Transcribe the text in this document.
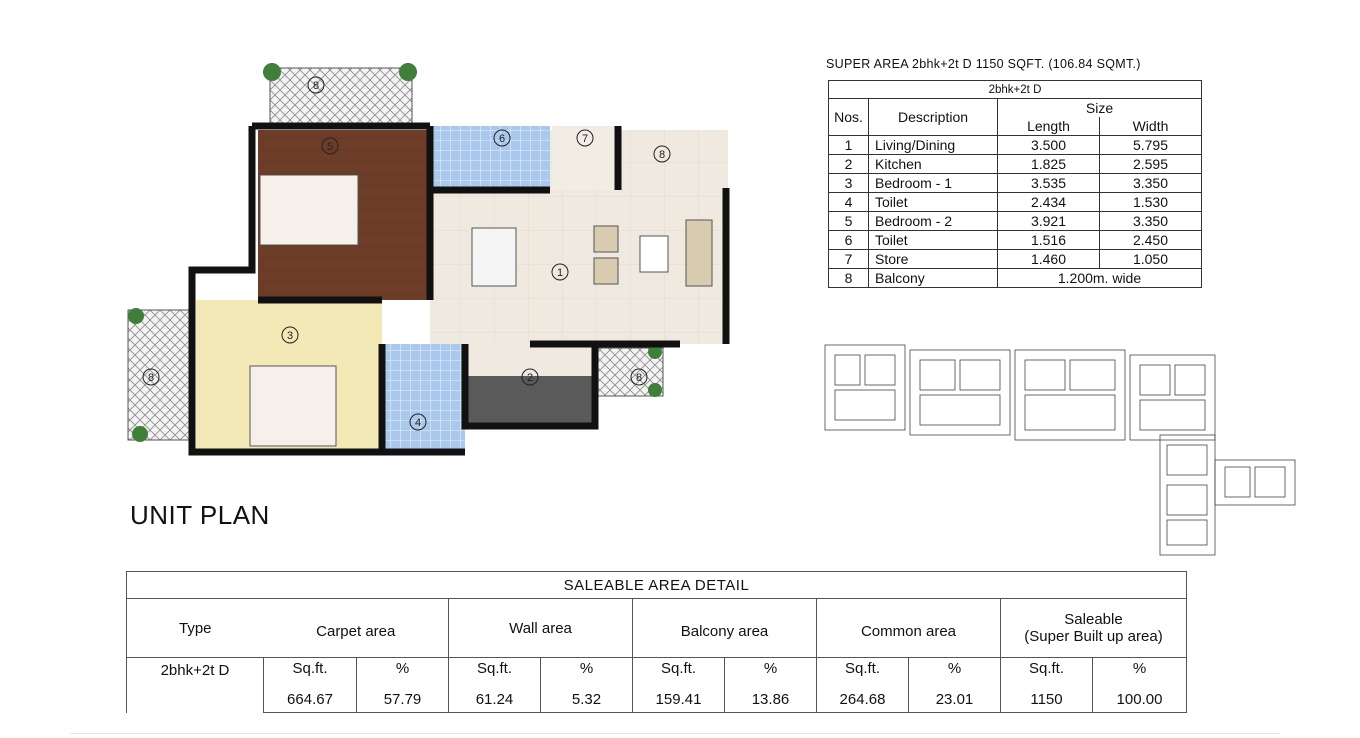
1
2
3
4
5
6	7
8
8
8	8
UNIT PLAN
SUPER AREA 2bhk+2t D 1150 SQFT. (106.84 SQMT.)
2bhk+2t D			
Nos.	Description	Size	
		Length	Width
1	Living/Dining	3.500	5.795
2	Kitchen	1.825	2.595
3	Bedroom - 1	3.535	3.350
4	Toilet	2.434	1.530
5	Bedroom - 2	3.921	3.350
6	Toilet	1.516	2.450
7	Store	1.460	1.050
8	Balcony	1.200m. wide	
SALEABLE AREA DETAIL										
Type	Carpet area		Wall area		Balcony area		Common area		Saleable
(Super Built up area)	

2bhk+2t D	Sq.ft.	%	Sq.ft.	%	Sq.ft.	%	Sq.ft.	%	Sq.ft.	%
	664.67	57.79	61.24	5.32	159.41	13.86	264.68	23.01	1150	100.00
